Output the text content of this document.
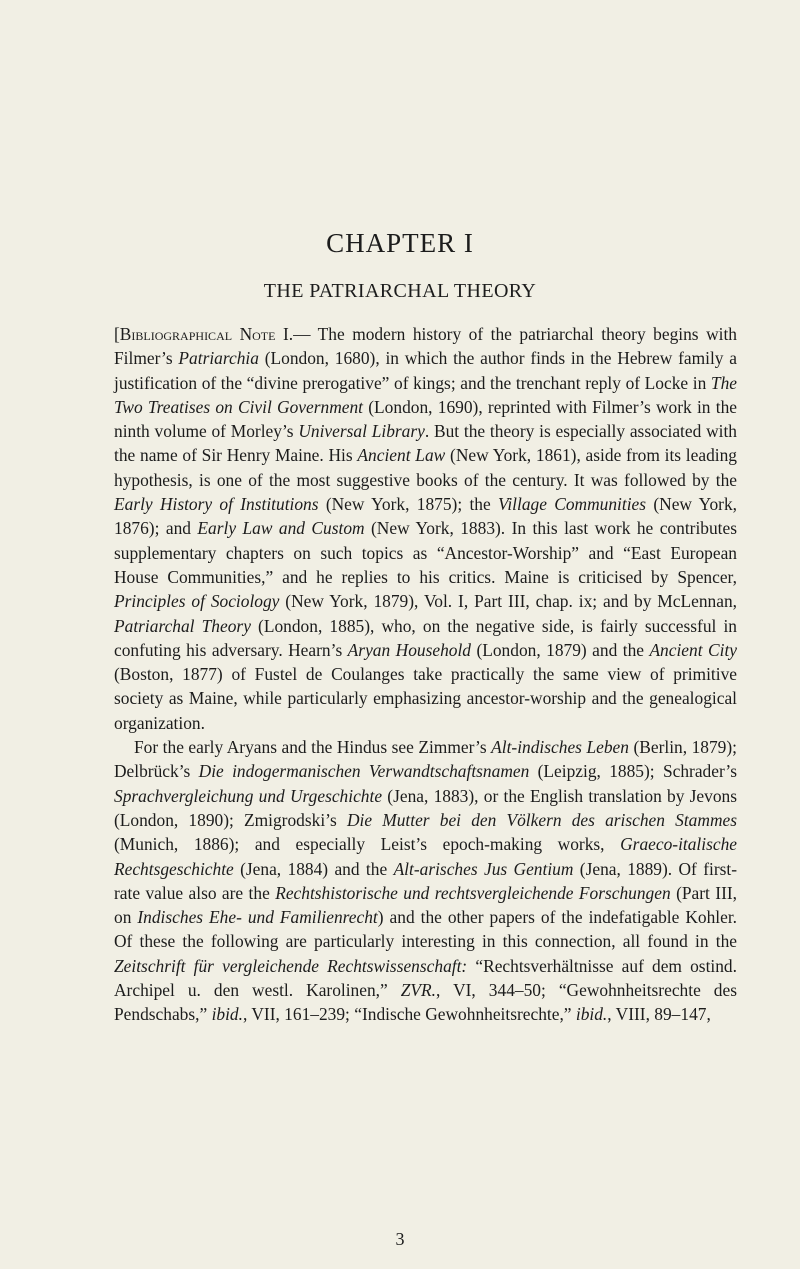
CHAPTER I
THE PATRIARCHAL THEORY

[Bibliographical Note I.— The modern history of the patriarchal theory begins with Filmer’s Patriarchia (London, 1680), in which the author finds in the Hebrew family a justification of the “divine prerogative” of kings; and the trenchant reply of Locke in The Two Treatises on Civil Government (London, 1690), reprinted with Filmer’s work in the ninth volume of Morley’s Universal Library. But the theory is especially associated with the name of Sir Henry Maine. His Ancient Law (New York, 1861), aside from its leading hypothesis, is one of the most suggestive books of the century. It was followed by the Early History of Institutions (New York, 1875); the Village Communities (New York, 1876); and Early Law and Custom (New York, 1883). In this last work he contributes supplementary chapters on such topics as “Ancestor-Worship” and “East European House Communities,” and he replies to his critics. Maine is criticised by Spencer, Principles of Sociology (New York, 1879), Vol. I, Part III, chap. ix; and by McLennan, Patriarchal Theory (London, 1885), who, on the negative side, is fairly successful in confuting his adversary. Hearn’s Aryan Household (London, 1879) and the Ancient City (Boston, 1877) of Fustel de Coulanges take practically the same view of primitive society as Maine, while particularly emphasizing ancestor-worship and the genealogical organization.

For the early Aryans and the Hindus see Zimmer’s Alt-indisches Leben (Berlin, 1879); Delbrück’s Die indogermanischen Verwandtschaftsnamen (Leipzig, 1885); Schrader’s Sprachvergleichung und Urgeschichte (Jena, 1883), or the English translation by Jevons (London, 1890); Zmigrodski’s Die Mutter bei den Völkern des arischen Stammes (Munich, 1886); and especially Leist’s epoch-making works, Graeco-italische Rechtsgeschichte (Jena, 1884) and the Alt-arisches Jus Gentium (Jena, 1889). Of first-rate value also are the Rechtshistorische und rechtsvergleichende Forschungen (Part III, on Indisches Ehe- und Familienrecht) and the other papers of the indefatigable Kohler. Of these the following are particularly interesting in this connection, all found in the Zeitschrift für vergleichende Rechtswissenschaft: “Rechtsverhältnisse auf dem ostind. Archipel u. den westl. Karolinen,” ZVR., VI, 344–50; “Gewohnheitsrechte des Pendschabs,” ibid., VII, 161–239; “Indische Gewohnheitsrechte,” ibid., VIII, 89–147,

3
